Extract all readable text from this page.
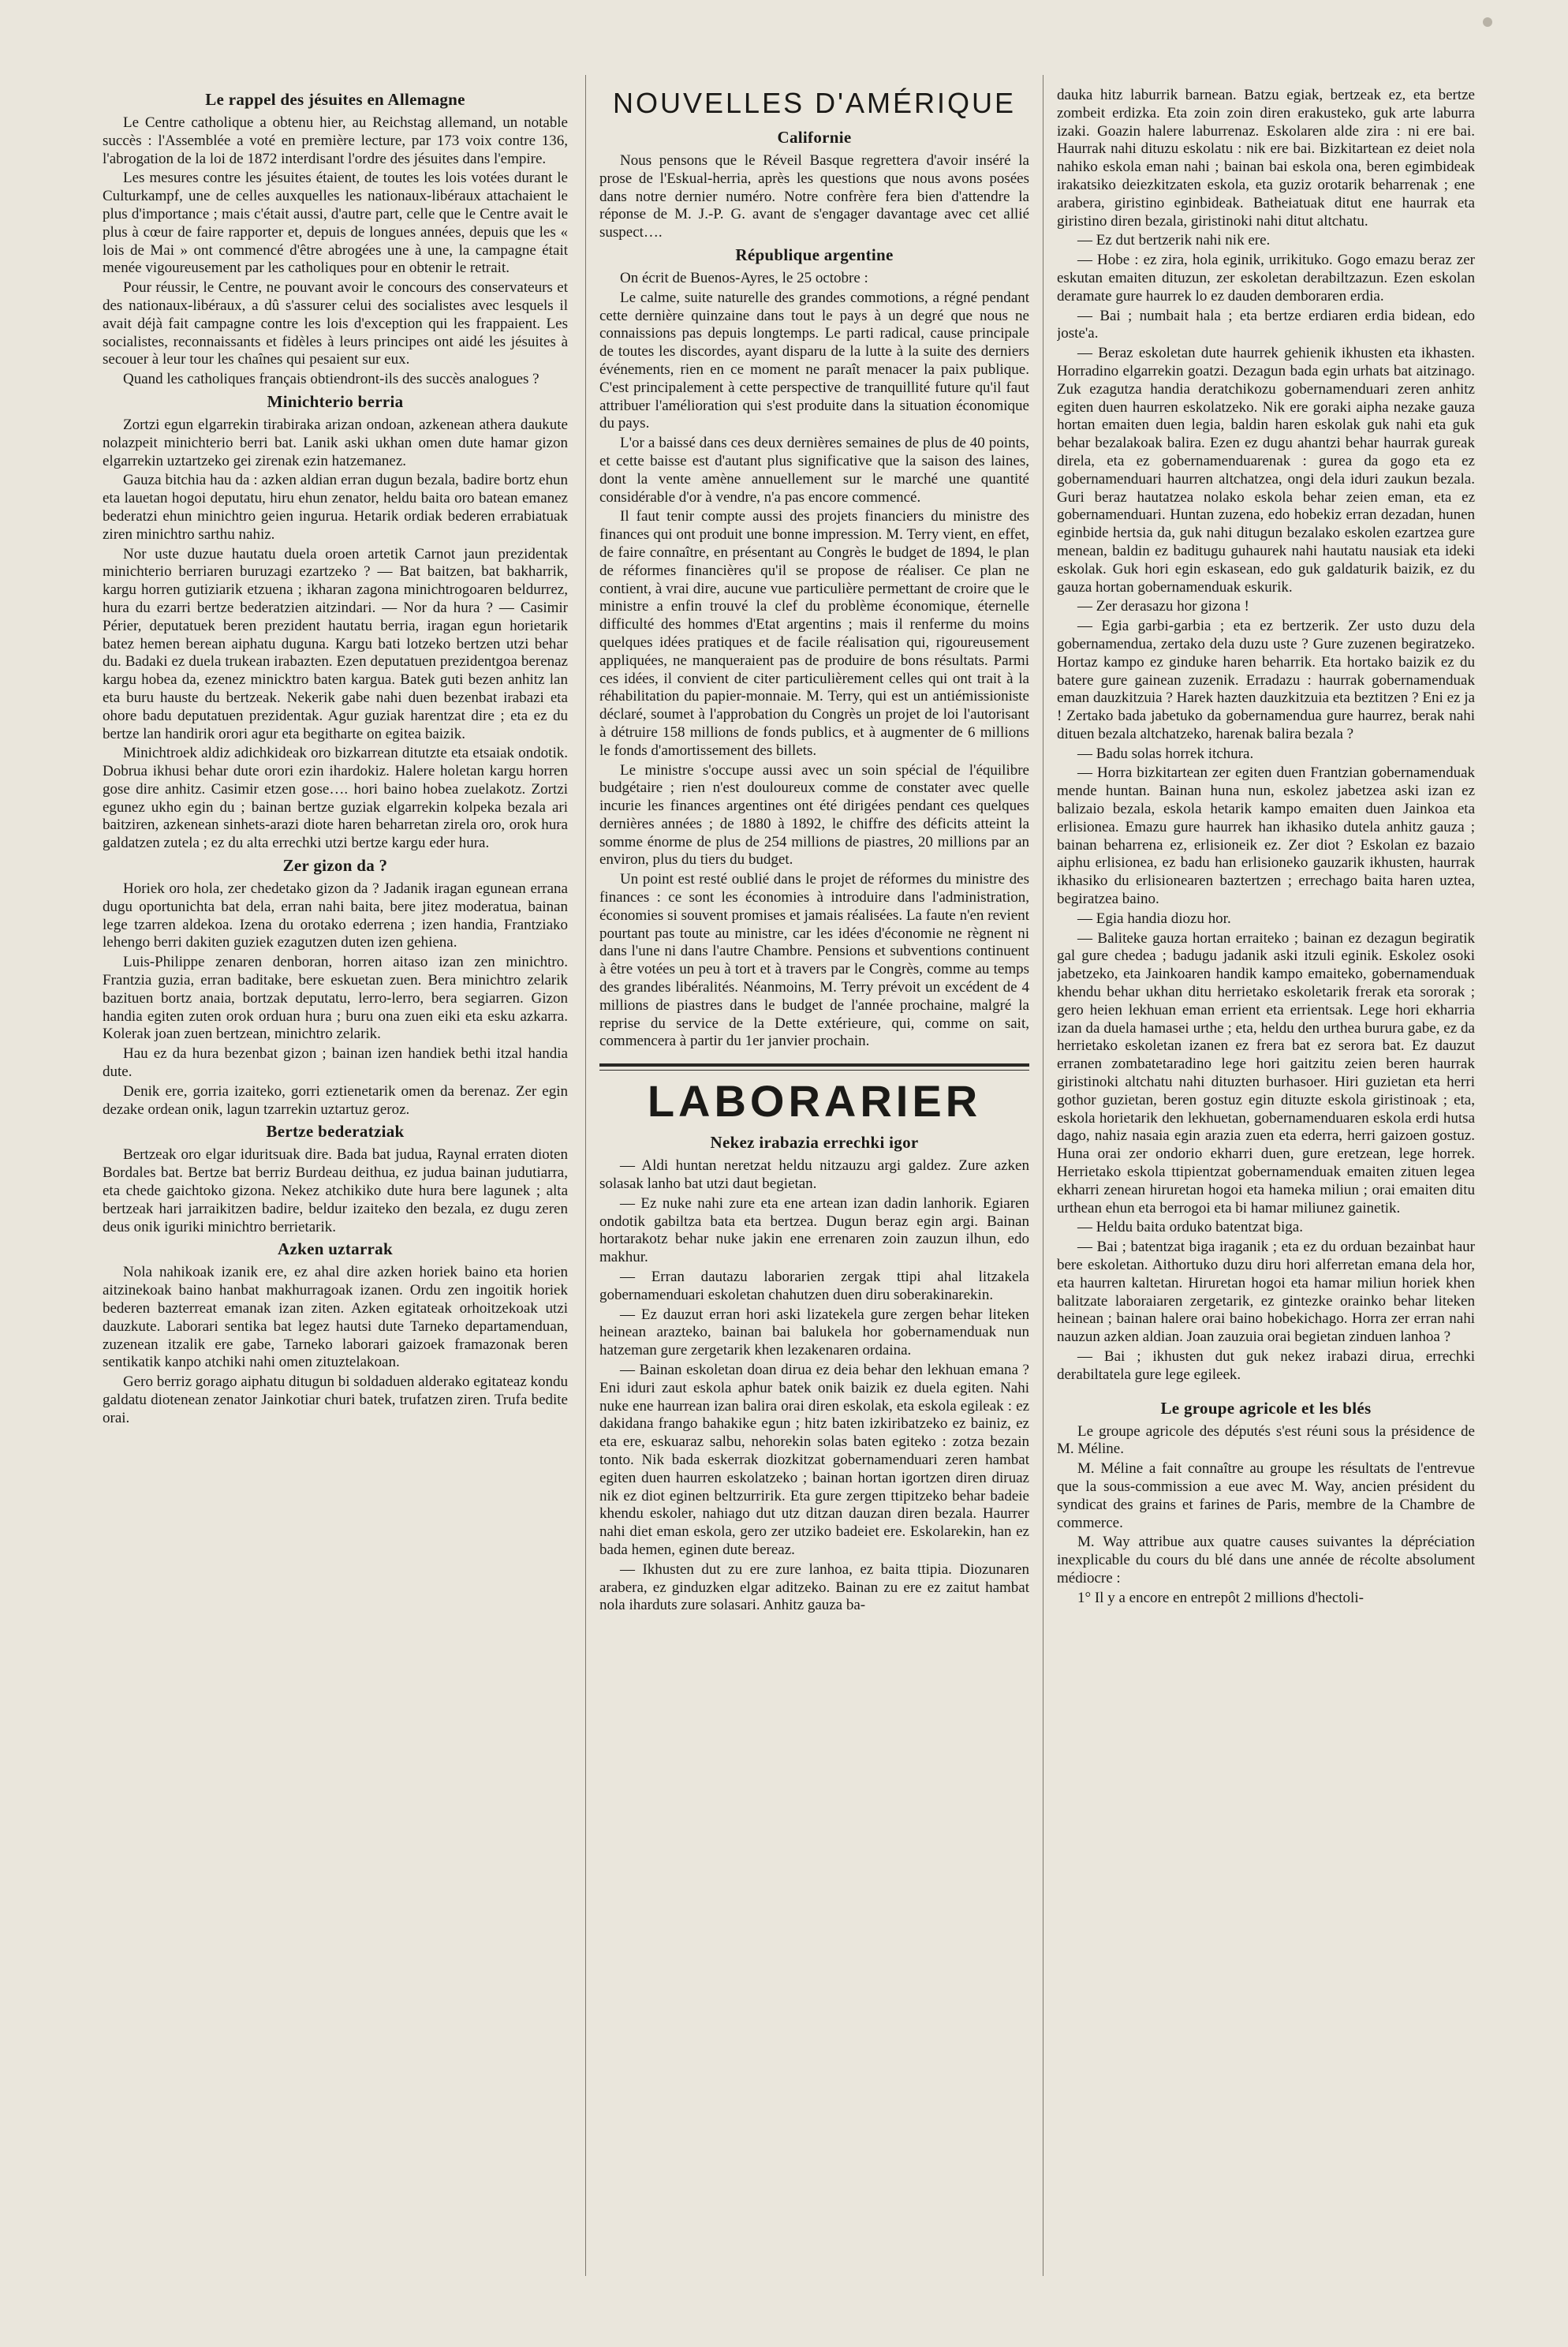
Le rappel des jésuites en Allemagne

Le Centre catholique a obtenu hier, au Reichstag allemand, un notable succès : l'Assemblée a voté en première lecture, par 173 voix contre 136, l'abrogation de la loi de 1872 interdisant l'ordre des jésuites dans l'empire.

Les mesures contre les jésuites étaient, de toutes les lois votées durant le Culturkampf, une de celles auxquelles les nationaux-libéraux attachaient le plus d'importance ; mais c'était aussi, d'autre part, celle que le Centre avait le plus à cœur de faire rapporter et, depuis de longues années, depuis que les « lois de Mai » ont commencé d'être abrogées une à une, la campagne était menée vigoureusement par les catholiques pour en obtenir le retrait.

Pour réussir, le Centre, ne pouvant avoir le concours des conservateurs et des nationaux-libéraux, a dû s'assurer celui des socialistes avec lesquels il avait déjà fait campagne contre les lois d'exception qui les frappaient. Les socialistes, reconnaissants et fidèles à leurs principes ont aidé les jésuites à secouer à leur tour les chaînes qui pesaient sur eux.

Quand les catholiques français obtiendront-ils des succès analogues ?

Minichterio berria

Zortzi egun elgarrekin tirabiraka arizan ondoan, azkenean athera daukute nolazpeit minichterio berri bat. Lanik aski ukhan omen dute hamar gizon elgarrekin uztartzeko gei zirenak ezin hatzemanez.

Gauza bitchia hau da : azken aldian erran dugun bezala, badire bortz ehun eta lauetan hogoi deputatu, hiru ehun zenator, heldu baita oro batean emanez bederatzi ehun minichtro geien ingurua. Hetarik ordiak bederen errabiatuak ziren minichtro sarthu nahiz.

Nor uste duzue hautatu duela oroen artetik Carnot jaun prezidentak minichterio berriaren buruzagi ezartzeko ? — Bat baitzen, bat bakharrik, kargu horren gutiziarik etzuena ; ikharan zagona minichtrogoaren beldurrez, hura du ezarri bertze bederatzien aitzindari. — Nor da hura ? — Casimir Périer, deputatuek beren prezident hautatu berria, iragan egun horietarik batez hemen berean aiphatu duguna. Kargu bati lotzeko bertzen utzi behar du. Badaki ez duela trukean irabazten. Ezen deputatuen prezidentgoa berenaz kargu hobea da, ezenez minicktro baten kargua. Batek guti bezen anhitz lan eta buru hauste du bertzeak. Nekerik gabe nahi duen bezenbat irabazi eta ohore badu deputatuen prezidentak. Agur guziak harentzat dire ; eta ez du bertze lan handirik orori agur eta begitharte on egitea baizik.

Minichtroek aldiz adichkideak oro bizkarrean ditutzte eta etsaiak ondotik. Dobrua ikhusi behar dute orori ezin ihardokiz. Halere holetan kargu horren gose dire anhitz. Casimir etzen gose…. hori baino hobea zuelakotz. Zortzi egunez ukho egin du ; bainan bertze guziak elgarrekin kolpeka bezala ari baitziren, azkenean sinhets-arazi diote haren beharretan zirela oro, orok hura galdatzen zutela ; ez du alta errechki utzi bertze kargu eder hura.

Zer gizon da ?

Horiek oro hola, zer chedetako gizon da ? Jadanik iragan egunean errana dugu oportunichta bat dela, erran nahi baita, bere jitez moderatua, bainan lege tzarren aldekoa. Izena du orotako ederrena ; izen handia, Frantziako lehengo berri dakiten guziek ezagutzen duten izen gehiena.

Luis-Philippe zenaren denboran, horren aitaso izan zen minichtro. Frantzia guzia, erran baditake, bere eskuetan zuen. Bera minichtro zelarik bazituen bortz anaia, bortzak deputatu, lerro-lerro, bera segiarren. Gizon handia egiten zuten orok orduan hura ; buru ona zuen eiki eta esku azkarra. Kolerak joan zuen bertzean, minichtro zelarik.

Hau ez da hura bezenbat gizon ; bainan izen handiek bethi itzal handia dute.

Denik ere, gorria izaiteko, gorri eztienetarik omen da berenaz. Zer egin dezake ordean onik, lagun tzarrekin uztartuz geroz.

Bertze bederatziak

Bertzeak oro elgar iduritsuak dire. Bada bat judua, Raynal erraten dioten Bordales bat. Bertze bat berriz Burdeau deithua, ez judua bainan judutiarra, eta chede gaichtoko gizona. Nekez atchikiko dute hura bere lagunek ; alta bertzeak hari jarraikitzen badire, beldur izaiteko den bezala, ez dugu zeren deus onik iguriki minichtro berrietarik.

Azken uztarrak

Nola nahikoak izanik ere, ez ahal dire azken horiek baino eta horien aitzinekoak baino hanbat makhurragoak izanen. Ordu zen ingoitik horiek bederen bazterreat emanak izan ziten. Azken egitateak orhoitzekoak utzi dauzkute. Laborari sentika bat legez hautsi dute Tarneko departamenduan, zuzenean itzalik ere gabe, Tarneko laborari gaizoek framazonak beren sentikatik kanpo atchiki nahi omen zituztelakoan.

Gero berriz gorago aiphatu ditugun bi soldaduen alderako egitateaz kondu galdatu diotenean zenator Jainkotiar churi batek, trufatzen ziren. Trufa bedite orai.

NOUVELLES D'AMÉRIQUE
Californie

Nous pensons que le Réveil Basque regrettera d'avoir inséré la prose de l'Eskual-herria, après les questions que nous avons posées dans notre dernier numéro. Notre confrère fera bien d'attendre la réponse de M. J.-P. G. avant de s'engager davantage avec cet allié suspect….

République argentine

On écrit de Buenos-Ayres, le 25 octobre :

Le calme, suite naturelle des grandes commotions, a régné pendant cette dernière quinzaine dans tout le pays à un degré que nous ne connaissions pas depuis longtemps. Le parti radical, cause principale de toutes les discordes, ayant disparu de la lutte à la suite des derniers événements, rien en ce moment ne paraît menacer la paix publique. C'est principalement à cette perspective de tranquillité future qu'il faut attribuer l'amélioration qui s'est produite dans la situation économique du pays.

L'or a baissé dans ces deux dernières semaines de plus de 40 points, et cette baisse est d'autant plus significative que la saison des laines, dont la vente amène annuellement sur le marché une quantité considérable d'or à vendre, n'a pas encore commencé.

Il faut tenir compte aussi des projets financiers du ministre des finances qui ont produit une bonne impression. M. Terry vient, en effet, de faire connaître, en présentant au Congrès le budget de 1894, le plan de réformes financières qu'il se propose de réaliser. Ce plan ne contient, à vrai dire, aucune vue particulière permettant de croire que le ministre a enfin trouvé la clef du problème économique, éternelle difficulté des hommes d'Etat argentins ; mais il renferme du moins quelques idées pratiques et de facile réalisation qui, rigoureusement appliquées, ne manqueraient pas de produire de bons résultats. Parmi ces idées, il convient de citer particulièrement celles qui ont trait à la réhabilitation du papier-monnaie. M. Terry, qui est un antiémissioniste déclaré, soumet à l'approbation du Congrès un projet de loi l'autorisant à détruire 158 millions de fonds publics, et à augmenter de 6 millions le fonds d'amortissement des billets.

Le ministre s'occupe aussi avec un soin spécial de l'équilibre budgétaire ; rien n'est douloureux comme de constater avec quelle incurie les finances argentines ont été dirigées pendant ces quelques dernières années ; de 1880 à 1892, le chiffre des déficits atteint la somme énorme de plus de 254 millions de piastres, 20 millions par an environ, plus du tiers du budget.

Un point est resté oublié dans le projet de réformes du ministre des finances : ce sont les économies à introduire dans l'administration, économies si souvent promises et jamais réalisées. La faute n'en revient pourtant pas toute au ministre, car les idées d'économie ne règnent ni dans l'une ni dans l'autre Chambre. Pensions et subventions continuent à être votées un peu à tort et à travers par le Congrès, comme au temps des grandes libéralités. Néanmoins, M. Terry prévoit un excédent de 4 millions de piastres dans le budget de l'année prochaine, malgré la reprise du service de la Dette extérieure, qui, comme on sait, commencera à partir du 1er janvier prochain.

LABORARIER
Nekez irabazia errechki igor

— Aldi huntan neretzat heldu nitzauzu argi galdez. Zure azken solasak lanho bat utzi daut begietan.

— Ez nuke nahi zure eta ene artean izan dadin lanhorik. Egiaren ondotik gabiltza bata eta bertzea. Dugun beraz egin argi. Bainan hortarakotz behar nuke jakin ene errenaren zoin zauzun ilhun, edo makhur.

— Erran dautazu laborarien zergak ttipi ahal litzakela gobernamenduari eskoletan chahutzen duen diru soberakinarekin.

— Ez dauzut erran hori aski lizatekela gure zergen behar liteken heinean arazteko, bainan bai balukela hor gobernamenduak nun hatzeman gure zergetarik khen lezakenaren ordaina.

— Bainan eskoletan doan dirua ez deia behar den lekhuan emana ? Eni iduri zaut eskola aphur batek onik baizik ez duela egiten. Nahi nuke ene haurrean izan balira orai diren eskolak, eta eskola egileak : ez dakidana frango bahakike egun ; hitz baten izkiribatzeko ez bainiz, ez eta ere, eskuaraz salbu, nehorekin solas baten egiteko : zotza bezain tonto. Nik bada eskerrak diozkitzat gobernamenduari zeren hambat egiten duen haurren eskolatzeko ; bainan hortan igortzen diren diruaz nik ez diot eginen beltzurririk. Eta gure zergen ttipitzeko behar badeie khendu eskoler, nahiago dut utz ditzan dauzan diren bezala. Haurrer nahi diet eman eskola, gero zer utziko badeiet ere. Eskolarekin, han ez bada hemen, eginen dute bereaz.

— Ikhusten dut zu ere zure lanhoa, ez baita ttipia. Diozunaren arabera, ez ginduzken elgar aditzeko. Bainan zu ere ez zaitut hambat nola iharduts zure solasari. Anhitz gauza ba-

dauka hitz laburrik barnean. Batzu egiak, bertzeak ez, eta bertze zombeit erdizka. Eta zoin zoin diren erakusteko, guk arte laburra izaki. Goazin halere laburrenaz. Eskolaren alde zira : ni ere bai. Haurrak nahi dituzu eskolatu : nik ere bai. Bizkitartean ez deiet nola nahiko eskola eman nahi ; bainan bai eskola ona, beren egimbideak irakatsiko deiezkitzaten eskola, eta guziz orotarik beharrenak ; ene arabera, giristino eginbideak. Batheiatuak ditut ene haurrak eta giristino diren bezala, giristinoki nahi ditut altchatu.

— Ez dut bertzerik nahi nik ere.

— Hobe : ez zira, hola eginik, urrikituko. Gogo emazu beraz zer eskutan emaiten dituzun, zer eskoletan derabiltzazun. Ezen eskolan deramate gure haurrek lo ez dauden demboraren erdia.

— Bai ; numbait hala ; eta bertze erdiaren erdia bidean, edo joste'a.

— Beraz eskoletan dute haurrek gehienik ikhusten eta ikhasten. Horradino elgarrekin goatzi. Dezagun bada egin urhats bat aitzinago. Zuk ezagutza handia deratchikozu gobernamenduari zeren anhitz egiten duen haurren eskolatzeko. Nik ere goraki aipha nezake gauza hortan emaiten duen legia, baldin haren eskolak guk nahi eta guk behar bezalakoak balira. Ezen ez dugu ahantzi behar haurrak gureak direla, eta ez gobernamenduarenak : gurea da gogo eta ez gobernamenduari haurren altchatzea, ongi dela iduri zaukun bezala. Guri beraz hautatzea nolako eskola behar zeien eman, eta ez gobernamenduari. Huntan zuzena, edo hobekiz erran dezadan, hunen eginbide hertsia da, guk nahi ditugun bezalako eskolen ezartzea gure menean, baldin ez baditugu guhaurek nahi hautatu nausiak eta ideki eskolak. Guk hori egin eskasean, edo guk galdaturik baizik, ez du gauza hortan gobernamenduak eskurik.

— Zer derasazu hor gizona !

— Egia garbi-garbia ; eta ez bertzerik. Zer usto duzu dela gobernamendua, zertako dela duzu uste ? Gure zuzenen begiratzeko. Hortaz kampo ez ginduke haren beharrik. Eta hortako baizik ez du batere gure gainean zuzenik. Erradazu : haurrak gobernamenduak eman dauzkitzuia ? Harek hazten dauzkitzuia eta beztitzen ? Eni ez ja ! Zertako bada jabetuko da gobernamendua gure haurrez, berak nahi dituen bezala altchatzeko, harenak balira bezala ?

— Badu solas horrek itchura.

— Horra bizkitartean zer egiten duen Frantzian gobernamenduak mende huntan. Bainan huna nun, eskolez jabetzea aski izan ez balizaio bezala, eskola hetarik kampo emaiten duen Jainkoa eta erlisionea. Emazu gure haurrek han ikhasiko dutela anhitz gauza ; bainan beharrena ez, erlisioneik ez. Zer diot ? Eskolan ez bazaio aiphu erlisionea, ez badu han erlisioneko gauzarik ikhusten, haurrak ikhasiko du erlisionearen baztertzen ; errechago baita haren uztea, begiratzea baino.

— Egia handia diozu hor.

— Baliteke gauza hortan erraiteko ; bainan ez dezagun begiratik gal gure chedea ; badugu jadanik aski itzuli eginik. Eskolez osoki jabetzeko, eta Jainkoaren handik kampo emaiteko, gobernamenduak khendu behar ukhan ditu herrietako eskoletarik frerak eta sororak ; gero heien lekhuan eman errient eta errientsak. Lege hori ekharria izan da duela hamasei urthe ; eta, heldu den urthea burura gabe, ez da herrietako eskoletan izanen ez frera bat ez serora bat. Ez dauzut erranen zombatetaradino lege hori gaitzitu zeien beren haurrak giristinoki altchatu nahi dituzten burhasoer. Hiri guzietan eta herri gothor guzietan, beren gostuz egin dituzte eskola giristinoak ; eta, eskola horietarik den lekhuetan, gobernamenduaren eskola erdi hutsa dago, nahiz nasaia egin arazia zuen eta ederra, herri gaizoen gostuz. Huna orai zer ondorio ekharri duen, gure eretzean, lege horrek. Herrietako eskola ttipientzat gobernamenduak emaiten zituen legea ekharri zenean hiruretan hogoi eta hameka miliun ; orai emaiten ditu urthean ehun eta berrogoi eta bi hamar miliunez gainetik.

— Heldu baita orduko batentzat biga.

— Bai ; batentzat biga iraganik ; eta ez du orduan bezainbat haur bere eskoletan. Aithortuko duzu diru hori alferretan emana dela hor, eta haurren kaltetan. Hiruretan hogoi eta hamar miliun horiek khen balitzate laboraiaren zergetarik, ez gintezke orainko behar liteken heinean ; bainan halere orai baino hobekichago. Horra zer erran nahi nauzun azken aldian. Joan zauzuia orai begietan zinduen lanhoa ?

— Bai ; ikhusten dut guk nekez irabazi dirua, errechki derabiltatela gure lege egileek.

Le groupe agricole et les blés

Le groupe agricole des députés s'est réuni sous la présidence de M. Méline.

M. Méline a fait connaître au groupe les résultats de l'entrevue que la sous-commission a eue avec M. Way, ancien président du syndicat des grains et farines de Paris, membre de la Chambre de commerce.

M. Way attribue aux quatre causes suivantes la dépréciation inexplicable du cours du blé dans une année de récolte absolument médiocre :

1° Il y a encore en entrepôt 2 millions d'hectoli-
